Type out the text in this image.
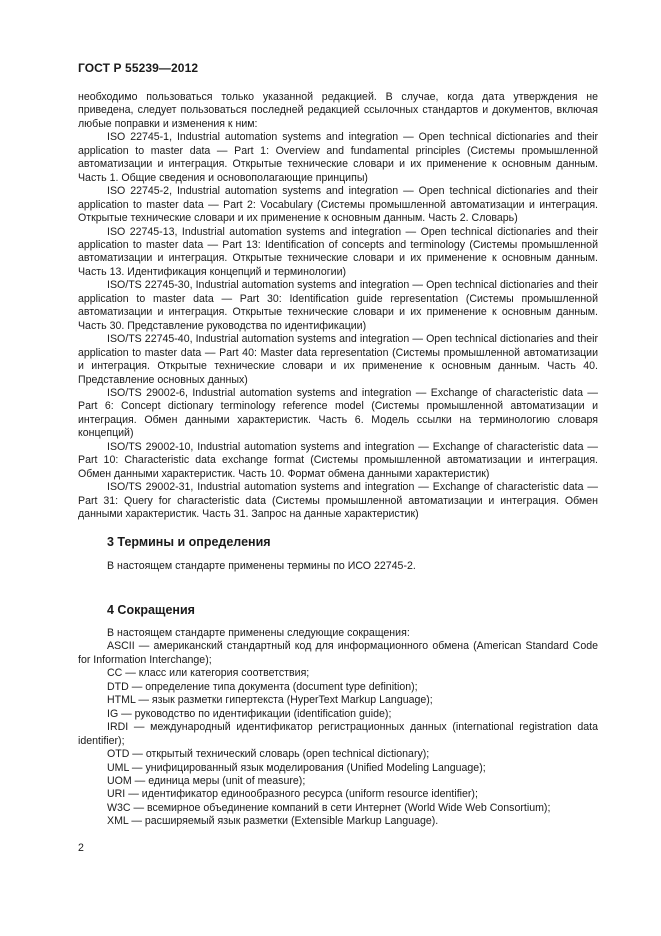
ГОСТ Р 55239—2012

необходимо пользоваться только указанной редакцией. В случае, когда дата утверждения не приведена, следует пользоваться последней редакцией ссылочных стандартов и документов, включая любые поправки и изменения к ним:

ISO 22745-1, Industrial automation systems and integration — Open technical dictionaries and their application to master data — Part 1: Overview and fundamental principles (Системы промышленной автоматизации и интеграция. Открытые технические словари и их применение к основным данным. Часть 1. Общие сведения и основополагающие принципы)

ISO 22745-2, Industrial automation systems and integration — Open technical dictionaries and their application to master data — Part 2: Vocabulary (Системы промышленной автоматизации и интеграция. Открытые технические словари и их применение к основным данным. Часть 2. Словарь)

ISO 22745-13, Industrial automation systems and integration — Open technical dictionaries and their application to master data — Part 13: Identification of concepts and terminology (Системы промышленной автоматизации и интеграция. Открытые технические словари и их применение к основным данным. Часть 13. Идентификация концепций и терминологии)

ISO/TS 22745-30, Industrial automation systems and integration — Open technical dictionaries and their application to master data — Part 30: Identification guide representation (Системы промышленной автоматизации и интеграция. Открытые технические словари и их применение к основным данным. Часть 30. Представление руководства по идентификации)

ISO/TS 22745-40, Industrial automation systems and integration — Open technical dictionaries and their application to master data — Part 40: Master data representation (Системы промышленной автоматизации и интеграция. Открытые технические словари и их применение к основным данным. Часть 40. Представление основных данных)

ISO/TS 29002-6, Industrial automation systems and integration — Exchange of characteristic data — Part 6: Concept dictionary terminology reference model (Системы промышленной автоматизации и интеграция. Обмен данными характеристик. Часть 6. Модель ссылки на терминологию словаря концепций)

ISO/TS 29002-10, Industrial automation systems and integration — Exchange of characteristic data — Part 10: Characteristic data exchange format (Системы промышленной автоматизации и интеграция. Обмен данными характеристик. Часть 10. Формат обмена данными характеристик)

ISO/TS 29002-31, Industrial automation systems and integration — Exchange of characteristic data — Part 31: Query for characteristic data (Системы промышленной автоматизации и интеграция. Обмен данными характеристик. Часть 31. Запрос на данные характеристик)

3 Термины и определения
В настоящем стандарте применены термины по ИСО 22745-2.
4 Сокращения

В настоящем стандарте применены следующие сокращения:

ASCII — американский стандартный код для информационного обмена (American Standard Code for Information Interchange);

CC — класс или категория соответствия;

DTD — определение типа документа (document type definition);

HTML — язык разметки гипертекста (HyperText Markup Language);

IG — руководство по идентификации (identification guide);

IRDI — международный идентификатор регистрационных данных (international registration data identifier);

OTD — открытый технический словарь (open technical dictionary);

UML — унифицированный язык моделирования (Unified Modeling Language);

UOM — единица меры (unit of measure);

URI — идентификатор единообразного ресурса (uniform resource identifier);

W3C — всемирное объединение компаний в сети Интернет (World Wide Web Consortium);

XML — расширяемый язык разметки (Extensible Markup Language).

2
